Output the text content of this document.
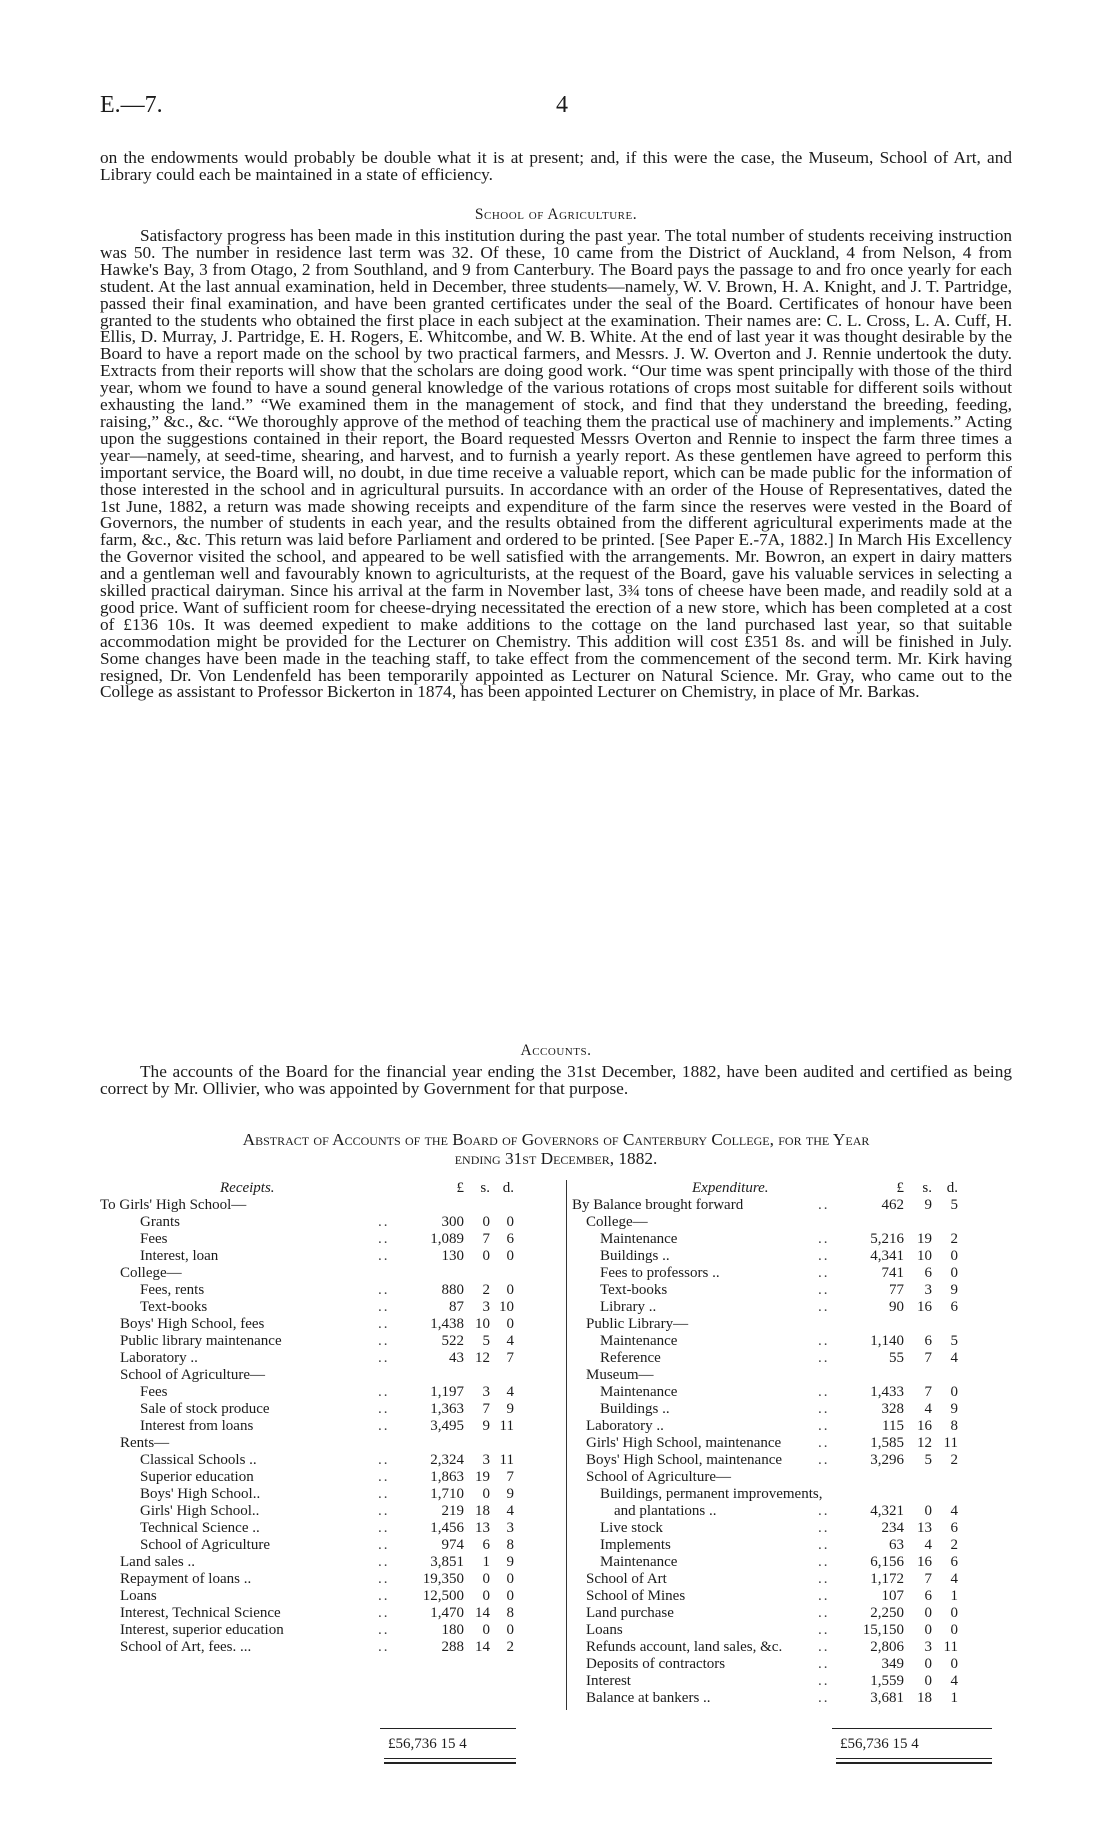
E.—7.	4

on the endowments would probably be double what it is at present; and, if this were the case, the Museum, School of Art, and Library could each be maintained in a state of efficiency.

School of Agriculture.

Satisfactory progress has been made in this institution during the past year. The total number of students receiving instruction was 50. The number in residence last term was 32. Of these, 10 came from the District of Auckland, 4 from Nelson, 4 from Hawke's Bay, 3 from Otago, 2 from Southland, and 9 from Canterbury. The Board pays the passage to and fro once yearly for each student. At the last annual examination, held in December, three students—namely, W. V. Brown, H. A. Knight, and J. T. Partridge, passed their final examination, and have been granted certificates under the seal of the Board. Certificates of honour have been granted to the students who obtained the first place in each subject at the examination. Their names are: C. L. Cross, L. A. Cuff, H. Ellis, D. Murray, J. Partridge, E. H. Rogers, E. Whitcombe, and W. B. White. At the end of last year it was thought desirable by the Board to have a report made on the school by two practical farmers, and Messrs. J. W. Overton and J. Rennie undertook the duty. Extracts from their reports will show that the scholars are doing good work. “Our time was spent principally with those of the third year, whom we found to have a sound general knowledge of the various rotations of crops most suitable for different soils without exhausting the land.” “We examined them in the management of stock, and find that they understand the breeding, feeding, raising,” &c., &c. “We thoroughly approve of the method of teaching them the practical use of machinery and implements.” Acting upon the suggestions contained in their report, the Board requested Messrs Overton and Rennie to inspect the farm three times a year—namely, at seed-time, shearing, and harvest, and to furnish a yearly report. As these gentlemen have agreed to perform this important service, the Board will, no doubt, in due time receive a valuable report, which can be made public for the information of those interested in the school and in agricultural pursuits. In accordance with an order of the House of Representatives, dated the 1st June, 1882, a return was made showing receipts and expenditure of the farm since the reserves were vested in the Board of Governors, the number of students in each year, and the results obtained from the different agricultural experiments made at the farm, &c., &c. This return was laid before Parliament and ordered to be printed. [See Paper E.-7A, 1882.] In March His Excellency the Governor visited the school, and appeared to be well satisfied with the arrangements. Mr. Bowron, an expert in dairy matters and a gentleman well and favourably known to agriculturists, at the request of the Board, gave his valuable services in selecting a skilled practical dairyman. Since his arrival at the farm in November last, 3¾ tons of cheese have been made, and readily sold at a good price. Want of sufficient room for cheese-drying necessitated the erection of a new store, which has been completed at a cost of £136 10s. It was deemed expedient to make additions to the cottage on the land purchased last year, so that suitable accommodation might be provided for the Lecturer on Chemistry. This addition will cost £351 8s. and will be finished in July. Some changes have been made in the teaching staff, to take effect from the commencement of the second term. Mr. Kirk having resigned, Dr. Von Lendenfeld has been temporarily appointed as Lecturer on Natural Science. Mr. Gray, who came out to the College as assistant to Professor Bickerton in 1874, has been appointed Lecturer on Chemistry, in place of Mr. Barkas.

Accounts.

The accounts of the Board for the financial year ending the 31st December, 1882, have been audited and certified as being correct by Mr. Ollivier, who was appointed by Government for that purpose.

Abstract of Accounts of the Board of Governors of Canterbury College, for the Year
ending 31st December, 1882.
Receipts.	£	s. d.
To Girls' High School—
Grants	..	300	0	0
Fees	..	1,089	7	6
Interest, loan	..	130	0	0
College—
Fees, rents	..	880	2	0
Text-books	..	87	3 10
Boys' High School, fees	..	1,438 10	0
Public library maintenance	..	522	5	4
Laboratory ..	..	43 12	7
School of Agriculture—
Fees	..	1,197	3	4
Sale of stock produce	..	1,363	7	9
Interest from loans	..	3,495	9 11
Rents—
Classical Schools ..	..	2,324	3 11
Superior education	..	1,863 19	7
Boys' High School..	..	1,710	0	9
Girls' High School..	..	219 18	4
Technical Science ..	..	1,456 13	3
School of Agriculture	..	974	6	8
Land sales ..	..	3,851	1	9
Repayment of loans ..	..	19,350	0	0
Loans	..	12,500	0	0
Interest, Technical Science	..	1,470 14	8
Interest, superior education	..	180	0	0
School of Art, fees. ...	..	288 14	2
Expenditure.	£	s. d.
By Balance brought forward	..	462	9	5
College—
Maintenance	..	5,216 19	2
Buildings ..	..	4,341 10	0
Fees to professors ..	..	741	6	0
Text-books	..	77	3	9
Library ..	..	90 16	6
Public Library—
Maintenance	..	1,140	6	5
Reference	..	55	7	4
Museum—
Maintenance	..	1,433	7	0
Buildings ..	..	328	4	9
Laboratory ..	..	115 16	8
Girls' High School, maintenance ..	1,585 12 11
Boys' High School, maintenance ..	3,296	5	2
School of Agriculture—
Buildings, permanent improvements,
and plantations ..	..	4,321	0	4
Live stock	..	234 13	6
Implements	..	63	4	2
Maintenance	..	6,156 16	6
School of Art	..	1,172	7	4
School of Mines	..	107	6	1
Land purchase	..	2,250	0	0
Loans	..	15,150	0	0
Refunds account, land sales, &c. ..	2,806	3 11
Deposits of contractors	..	349	0	0
Interest	..	1,559	0	4
Balance at bankers ..	..	3,681 18	1
£56,736 15 4	£56,736 15 4
